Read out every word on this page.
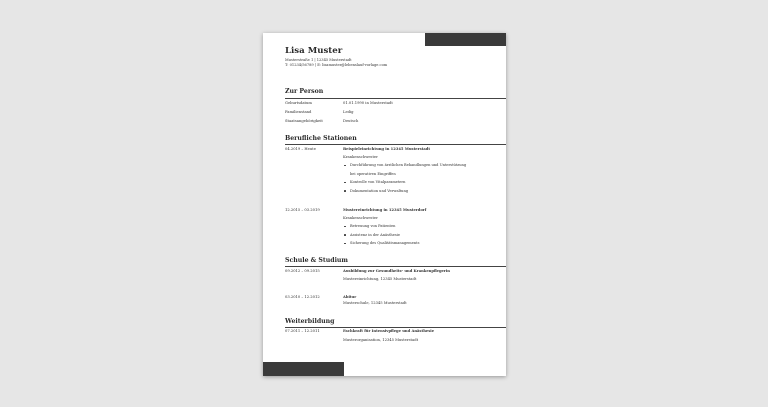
Lisa Muster
Musterstraße 1 | 12345 Musterstadt
T: 01234/56789 | E: lisamuster@lebenslauf-vorlage.com
Zur Person
Geburtsdatum	01.01.1990 in Musterstadt
Familienstand	Ledig
Staatsangehörigkeit	Deutsch
Berufliche Stationen
04.2019 – Heute	Beispieleinrichtung in 12345 Musterstadt
Krankenschwester
Durchführung von ärztlichen Behandlungen und Unterstützung
bei operativen Eingriffen
Kontrolle von Vitalparametern
Dokumentation und Verwaltung
12.2015 – 03.2019	Mustereinrichtung in 12345 Musterdorf
Krankenschwester
Betreuung von Patienten
Assistenz in der Anästhesie
Sicherung des Qualitätsmanagements
Schule & Studium
09.2012 – 09.2015	Ausbildung zur Gesundheits- und Krankenpflegerin
Mustereinrichtung, 12345 Musterstadt
03.2010 – 12.2012	Abitur
Musterschule, 12345 Musterstadt
Weiterbildung
07.2011 – 12.2011	Fachkraft für Intensivpflege und Anästhesie
Musterorganisation, 12345 Musterstadt
